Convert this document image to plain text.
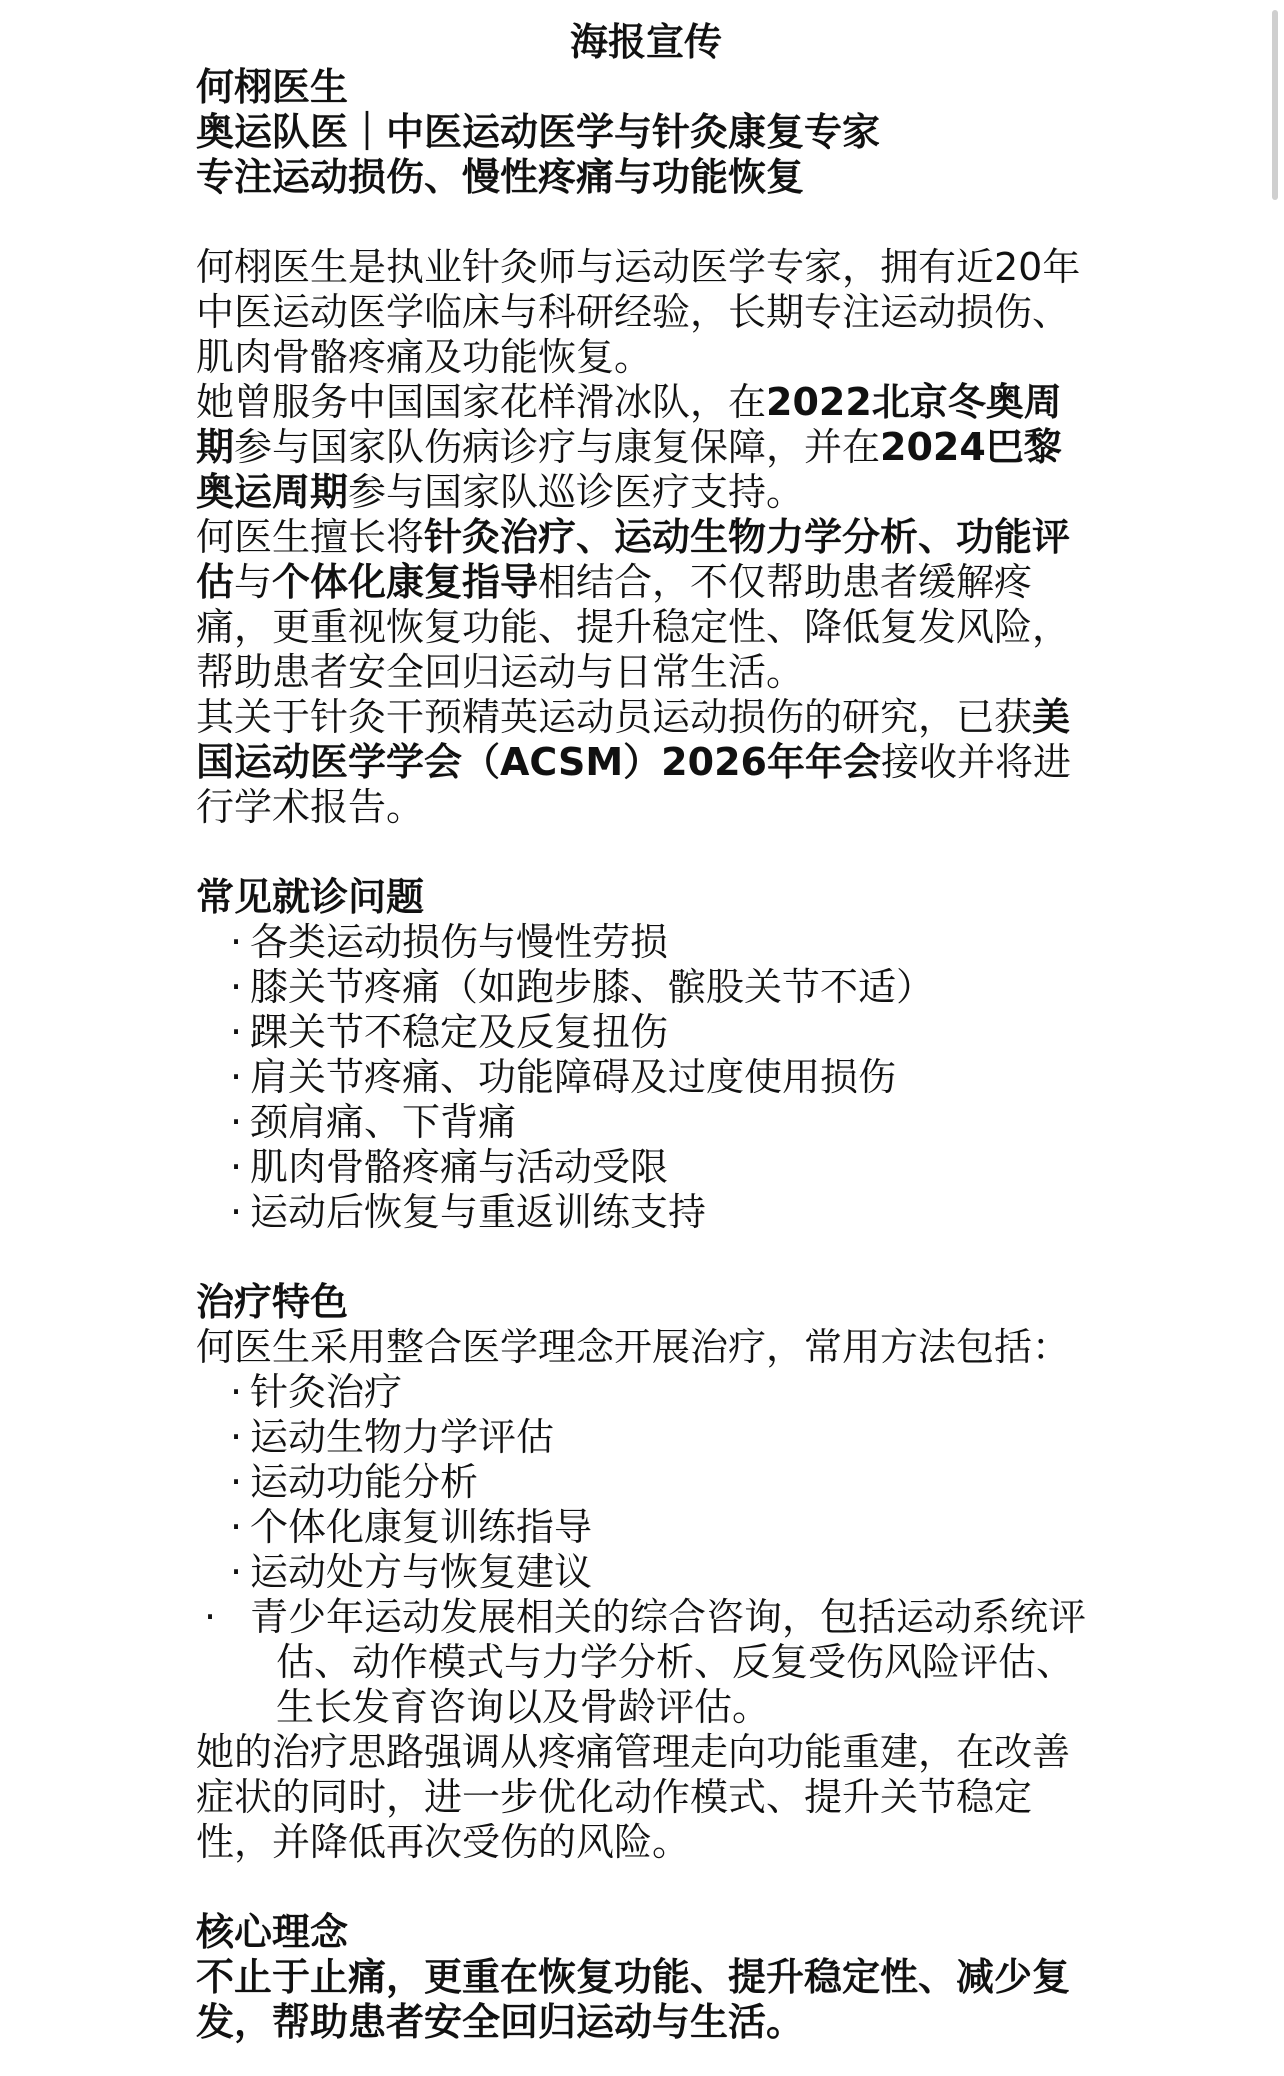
海报宣传

何栩医生

奥运队医｜中医运动医学与针灸康复专家

专注运动损伤、慢性疼痛与功能恢复

何栩医生是执业针灸师与运动医学专家，拥有近20年中医运动医学临床与科研经验，长期专注运动损伤、肌肉骨骼疼痛及功能恢复。

她曾服务中国国家花样滑冰队，在2022北京冬奥周期参与国家队伤病诊疗与康复保障，并在2024巴黎奥运周期参与国家队巡诊医疗支持。

何医生擅长将针灸治疗、运动生物力学分析、功能评估与个体化康复指导相结合，不仅帮助患者缓解疼痛，更重视恢复功能、提升稳定性、降低复发风险，帮助患者安全回归运动与日常生活。

其关于针灸干预精英运动员运动损伤的研究，已获美国运动医学学会（ACSM）2026年年会接收并将进行学术报告。

常见就诊问题

· 各类运动损伤与慢性劳损
· 膝关节疼痛（如跑步膝、髌股关节不适）
· 踝关节不稳定及反复扭伤
· 肩关节疼痛、功能障碍及过度使用损伤
· 颈肩痛、下背痛
· 肌肉骨骼疼痛与活动受限
· 运动后恢复与重返训练支持

治疗特色

何医生采用整合医学理念开展治疗，常用方法包括：

· 针灸治疗
· 运动生物力学评估
· 运动功能分析
· 个体化康复训练指导
· 运动处方与恢复建议
· 青少年运动发展相关的综合咨询，包括运动系统评估、动作模式与力学分析、反复受伤风险评估、生长发育咨询以及骨龄评估。

她的治疗思路强调从疼痛管理走向功能重建，在改善症状的同时，进一步优化动作模式、提升关节稳定性，并降低再次受伤的风险。

核心理念

不止于止痛，更重在恢复功能、提升稳定性、减少复发，帮助患者安全回归运动与生活。
